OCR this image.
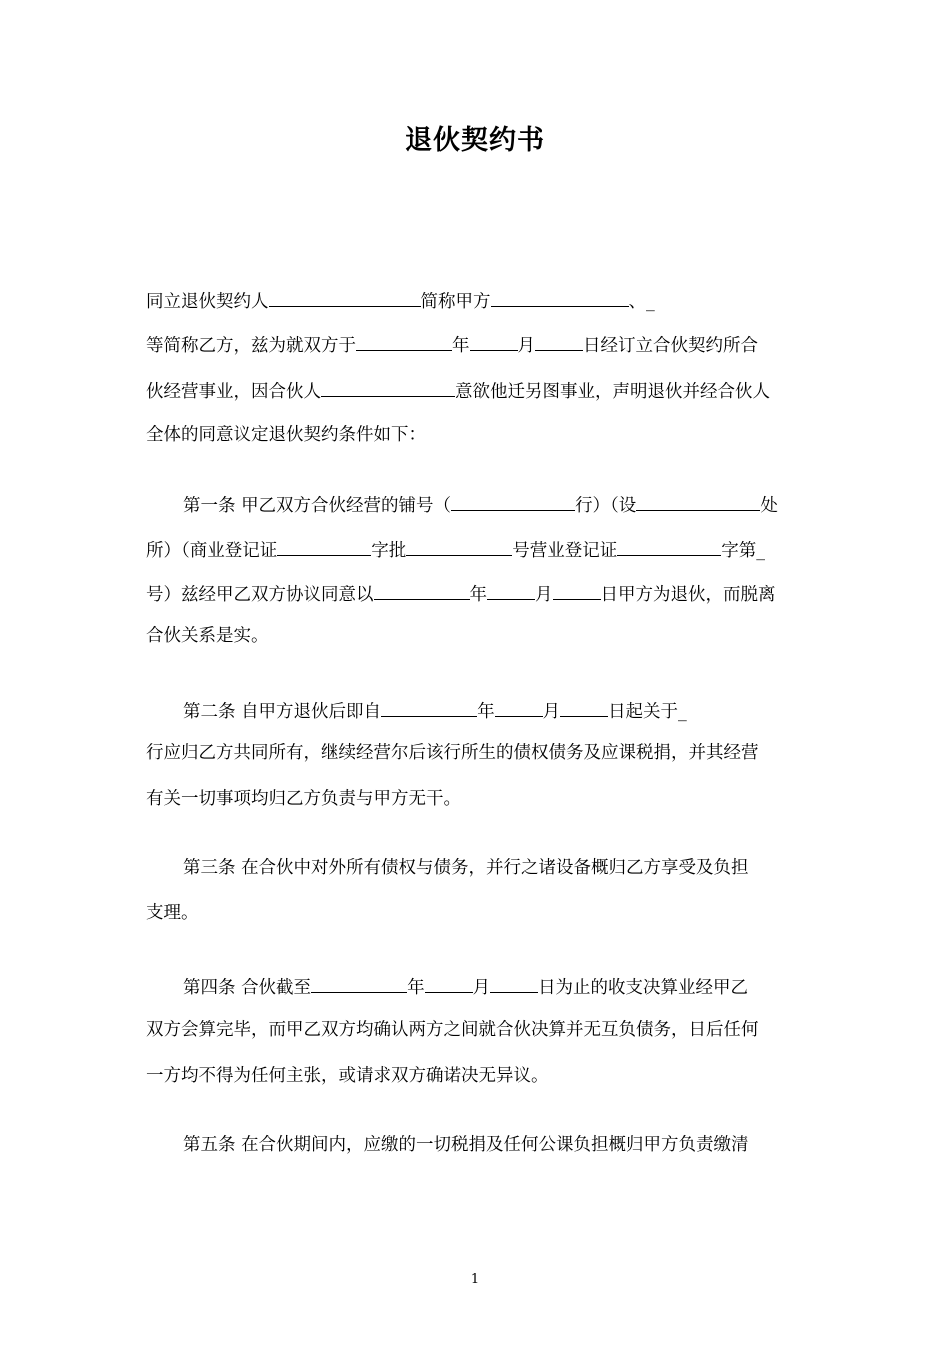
退伙契约书
同立退伙契约人	简称甲方	、_
等简称乙方，兹为就双方于	年	月	日经订立合伙契约所合
伙经营事业，因合伙人	意欲他迁另图事业，声明退伙并经合伙人
全体的同意议定退伙契约条件如下：
第一条 甲乙双方合伙经营的铺号（	行）（设	处
所）（商业登记证	字批	号营业登记证	字第_
号）兹经甲乙双方协议同意以	年	月	日甲方为退伙，而脱离
合伙关系是实。
第二条 自甲方退伙后即自	年	月	日起关于_
行应归乙方共同所有，继续经营尔后该行所生的债权债务及应课税捐，并其经营
有关一切事项均归乙方负责与甲方无干。
第三条 在合伙中对外所有债权与债务，并行之诸设备概归乙方享受及负担
支理。
第四条 合伙截至	年	月	日为止的收支决算业经甲乙
双方会算完毕，而甲乙双方均确认两方之间就合伙决算并无互负债务，日后任何
一方均不得为任何主张，或请求双方确诺决无异议。
第五条 在合伙期间内，应缴的一切税捐及任何公课负担概归甲方负责缴清
1
